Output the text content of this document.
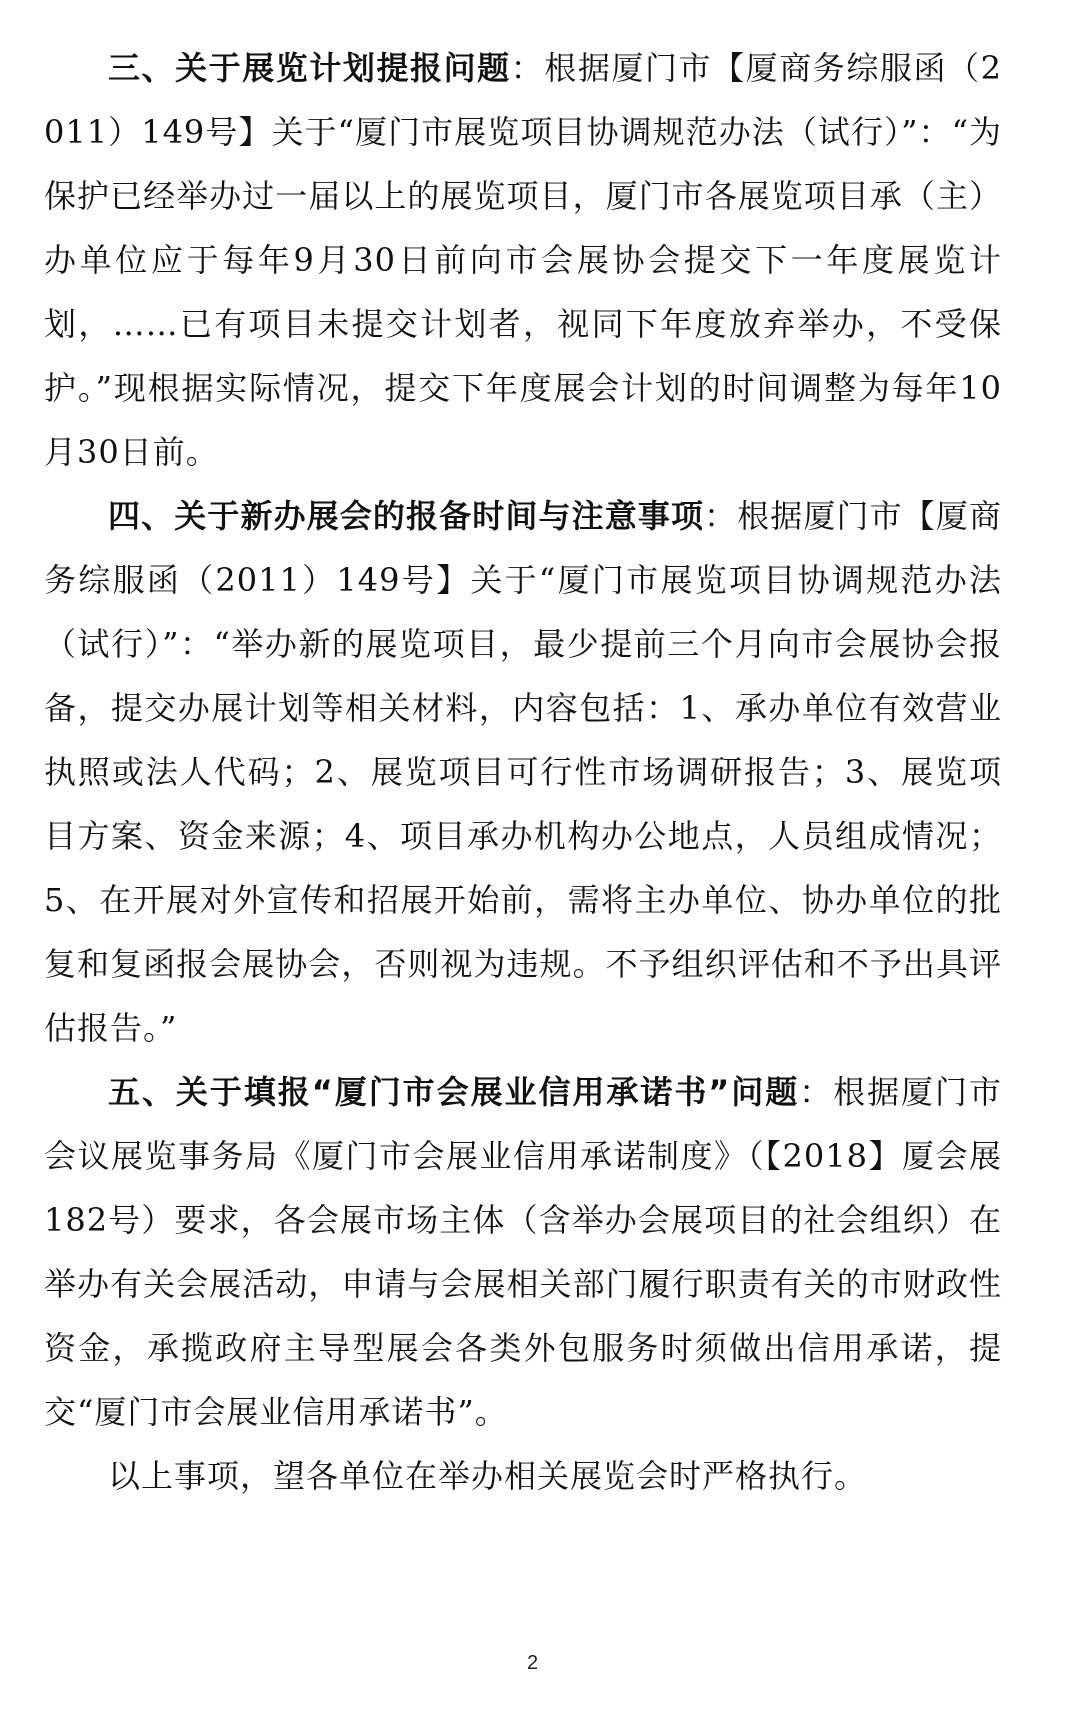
三、关于展览计划提报问题：根据厦门市【厦商务综服函（2011）149号】关于“厦门市展览项目协调规范办法（试行）”：“为保护已经举办过一届以上的展览项目，厦门市各展览项目承（主）办单位应于每年9月30日前向市会展协会提交下一年度展览计划，……已有项目未提交计划者，视同下年度放弃举办，不受保护。”现根据实际情况，提交下年度展会计划的时间调整为每年10月30日前。

四、关于新办展会的报备时间与注意事项：根据厦门市【厦商务综服函（2011）149号】关于“厦门市展览项目协调规范办法（试行）”：“举办新的展览项目，最少提前三个月向市会展协会报备，提交办展计划等相关材料，内容包括：1、承办单位有效营业执照或法人代码；2、展览项目可行性市场调研报告；3、展览项目方案、资金来源；4、项目承办机构办公地点，人员组成情况；5、在开展对外宣传和招展开始前，需将主办单位、协办单位的批复和复函报会展协会，否则视为违规。不予组织评估和不予出具评估报告。”

五、关于填报“厦门市会展业信用承诺书”问题：根据厦门市会议展览事务局《厦门市会展业信用承诺制度》（【2018】厦会展182号）要求，各会展市场主体（含举办会展项目的社会组织）在举办有关会展活动，申请与会展相关部门履行职责有关的市财政性资金，承揽政府主导型展会各类外包服务时须做出信用承诺，提交“厦门市会展业信用承诺书”。

以上事项，望各单位在举办相关展览会时严格执行。

2
